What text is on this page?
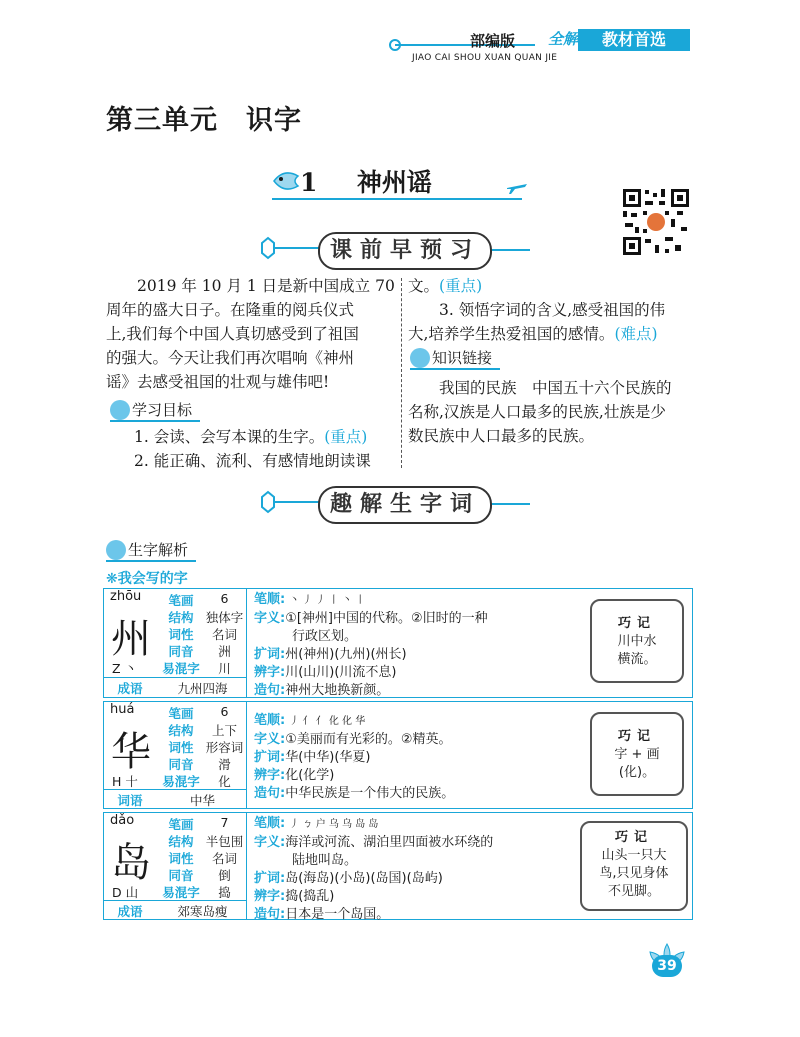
部编版 全解	教材首选
JIAO CAI SHOU XUAN QUAN JIE
第三单元　识字
1 神州谣
课前早预习
2019 年 10 月 1 日是新中国成立 70
周年的盛大日子。在隆重的阅兵仪式
上,我们每个中国人真切感受到了祖国
的强大。今天让我们再次唱响《神州
谣》去感受祖国的壮观与雄伟吧!
学习目标
1. 会读、会写本课的生字。(重点)
2. 能正确、流利、有感情地朗读课
文。(重点)
3. 领悟字词的含义,感受祖国的伟
大,培养学生热爱祖国的感情。(难点)
知识链接
我国的民族　中国五十六个民族的
名称,汉族是人口最多的民族,壮族是少
数民族中人口最多的民族。
趣解生字词
生字解析
❋我会写的字
zhōu
州
笔画	6
结构 独体字
词性	名词
同音	洲
易混字	川
Z 丶
成语	九州四海
笔顺: 丶 丿 丿 丨 丶 丨
字义:①[神州]中国的代称。②旧时的一种
行政区划。
扩词:州(神州)(九州)(州长)
辨字:川(山川)(川流不息)
造句:神州大地换新颜。
巧记
川中水
横流。
huá
华
笔画	6
结构	上下
词性 形容词
同音	滑
易混字	化
H 十
词语	中华
笔顺: 丿 亻 亻 化 化 华
字义:①美丽而有光彩的。②精英。
扩词:华(中华)(华夏)
辨字:化(化学)
造句:中华民族是一个伟大的民族。
巧记
字 + 画
(化)。
dǎo
岛
笔画	7
结构 半包围
词性	名词
同音	倒
易混字	捣
D 山
成语	郊寒岛瘦
笔顺: 丿 ㄅ 户 乌 乌 岛 岛
字义:海洋或河流、湖泊里四面被水环绕的
陆地叫岛。
扩词:岛(海岛)(小岛)(岛国)(岛屿)
辨字:捣(捣乱)
造句:日本是一个岛国。
巧记
山头一只大
鸟,只见身体
不见脚。
39
